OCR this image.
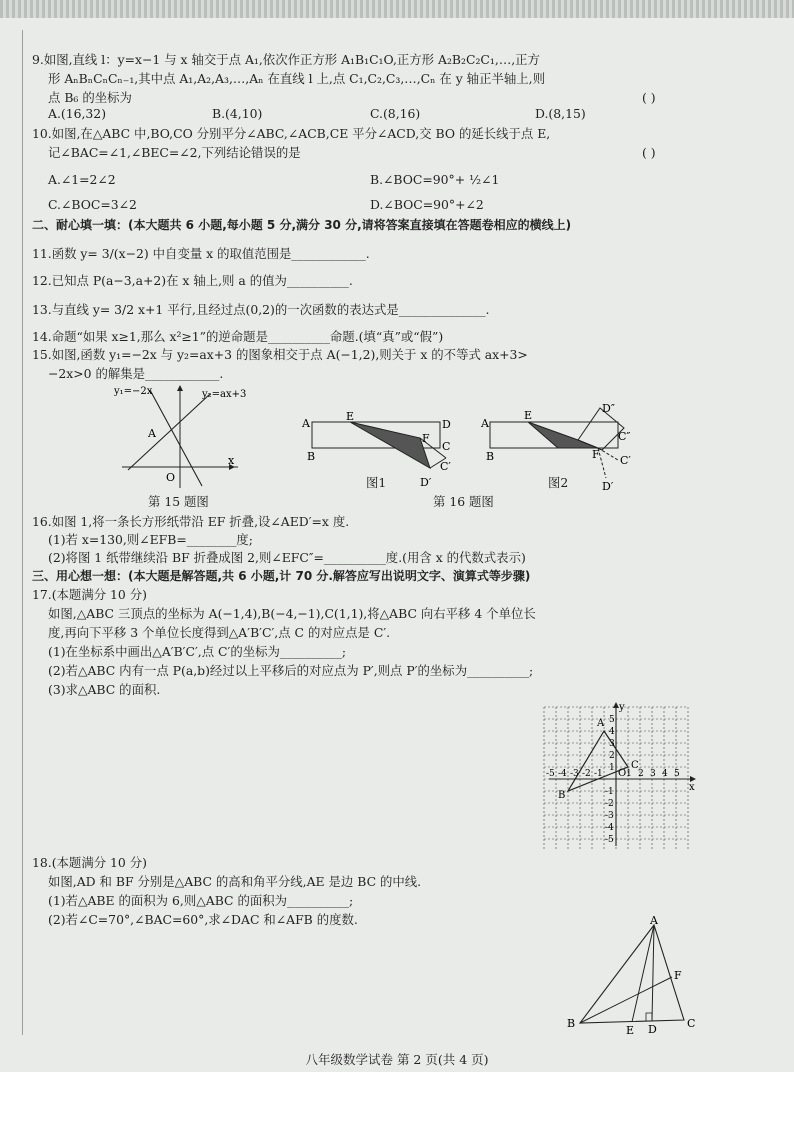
9.如图,直线 l：y=x−1 与 x 轴交于点 A₁,依次作正方形 A₁B₁C₁O,正方形 A₂B₂C₂C₁,…,正方
形 AₙBₙCₙCₙ₋₁,其中点 A₁,A₂,A₃,…,Aₙ 在直线 l 上,点 C₁,C₂,C₃,…,Cₙ 在 y 轴正半轴上,则
点 B₆ 的坐标为	( )
A.(16,32)	B.(4,10)	C.(8,16)	D.(8,15)
10.如图,在△ABC 中,BO,CO 分别平分∠ABC,∠ACB,CE 平分∠ACD,交 BO 的延长线于点 E,
记∠BAC=∠1,∠BEC=∠2,下列结论错误的是	( )
A.∠1=2∠2	B.∠BOC=90°+ ½∠1
C.∠BOC=3∠2	D.∠BOC=90°+∠2
二、耐心填一填：(本大题共 6 小题,每小题 5 分,满分 30 分,请将答案直接填在答题卷相应的横线上)
11.函数 y= 3/(x−2) 中自变量 x 的取值范围是____________.
12.已知点 P(a−3,a+2)在 x 轴上,则 a 的值为__________.
13.与直线 y= 3/2 x+1 平行,且经过点(0,2)的一次函数的表达式是______________.
14.命题“如果 x≥1,那么 x²≥1”的逆命题是__________命题.(填“真”或“假”)
15.如图,函数 y₁=−2x 与 y₂=ax+3 的图象相交于点 A(−1,2),则关于 x 的不等式 ax+3>
−2x>0 的解集是____________.
y₁=−2x	y₂=ax+3
A
O
x
A
E
D
F
C
B
C′
D′
图1
A
E
D″
C″
B	F C′
D′
图2
第 15 题图	第 16 题图
16.如图 1,将一条长方形纸带沿 EF 折叠,设∠AED′=x 度.
(1)若 x=130,则∠EFB=________度;
(2)将图 1 纸带继续沿 BF 折叠成图 2,则∠EFC″=__________度.(用含 x 的代数式表示)
三、用心想一想：(本大题是解答题,共 6 小题,计 70 分.解答应写出说明文字、演算式等步骤)
17.(本题满分 10 分)
如图,△ABC 三顶点的坐标为 A(−1,4),B(−4,−1),C(1,1),将△ABC 向右平移 4 个单位长
度,再向下平移 3 个单位长度得到△A′B′C′,点 C 的对应点是 C′.
(1)在坐标系中画出△A′B′C′,点 C′的坐标为__________;
(2)若△ABC 内有一点 P(a,b)经过以上平移后的对应点为 P′,则点 P′的坐标为__________;
(3)求△ABC 的面积.
x
y
O
A
B
C
-5 -4 -3 -2 -1	1 2 3 4 5
5
4
3
2
1
-1
-2
-3
-4
-5
18.(本题满分 10 分)
如图,AD 和 BF 分别是△ABC 的高和角平分线,AE 是边 BC 的中线.
(1)若△ABE 的面积为 6,则△ABC 的面积为__________;
(2)若∠C=70°,∠BAC=60°,求∠DAC 和∠AFB 的度数.	A
B	C
D
E
F
八年级数学试卷 第 2 页(共 4 页)
